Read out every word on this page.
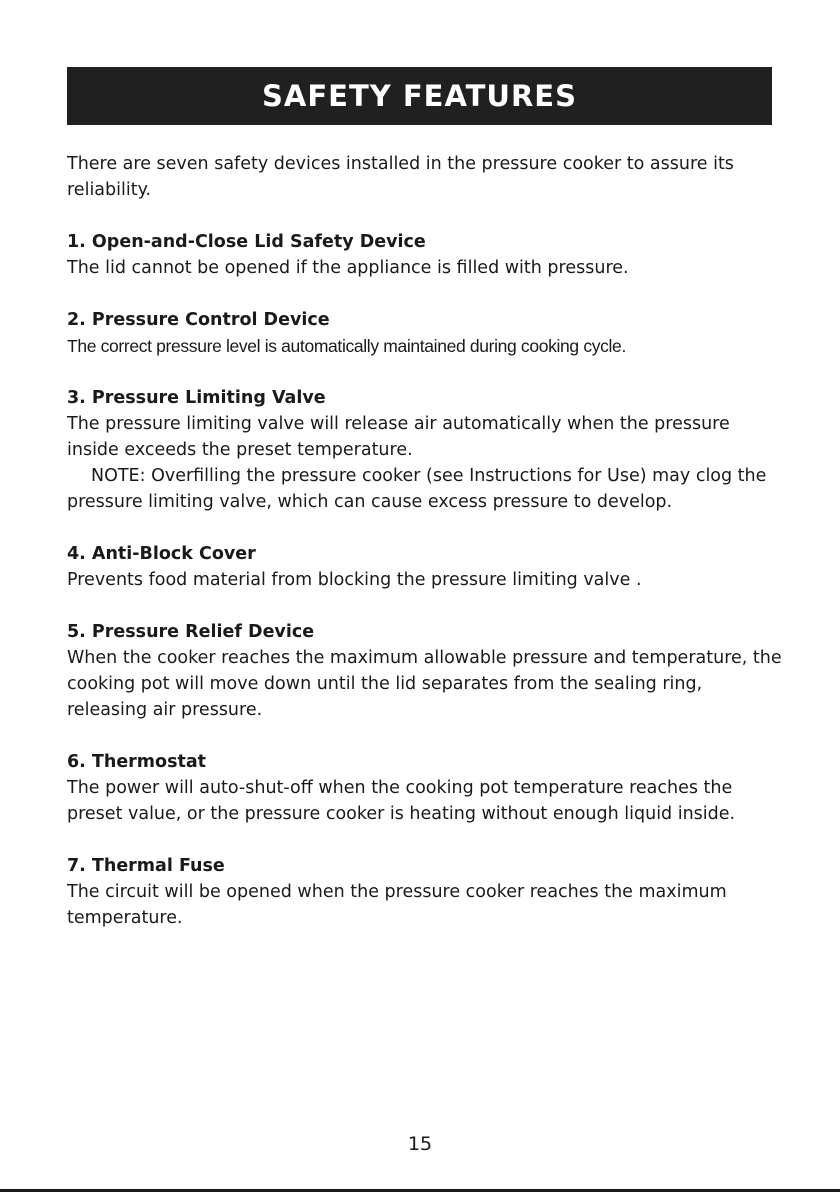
SAFETY FEATURES

There are seven safety devices installed in the pressure cooker to assure its reliability.

1. Open-and-Close Lid Safety Device

The lid cannot be opened if the appliance is filled with pressure.

2. Pressure Control Device

The correct pressure level is automatically maintained during cooking cycle.

3. Pressure Limiting Valve

The pressure limiting valve will release air automatically when the pressure inside exceeds the preset temperature.

NOTE: Overfilling the pressure cooker (see Instructions for Use) may clog the pressure limiting valve, which can cause excess pressure to develop.

4. Anti-Block Cover

Prevents food material from blocking the pressure limiting valve .

5. Pressure Relief Device

When the cooker reaches the maximum allowable pressure and temperature, the cooking pot will move down until the lid separates from the sealing ring, releasing air pressure.

6. Thermostat

The power will auto-shut-off when the cooking pot temperature reaches the preset value, or the pressure cooker is heating without enough liquid inside.

7. Thermal Fuse

The circuit will be opened when the pressure cooker reaches the maximum temperature.

15
